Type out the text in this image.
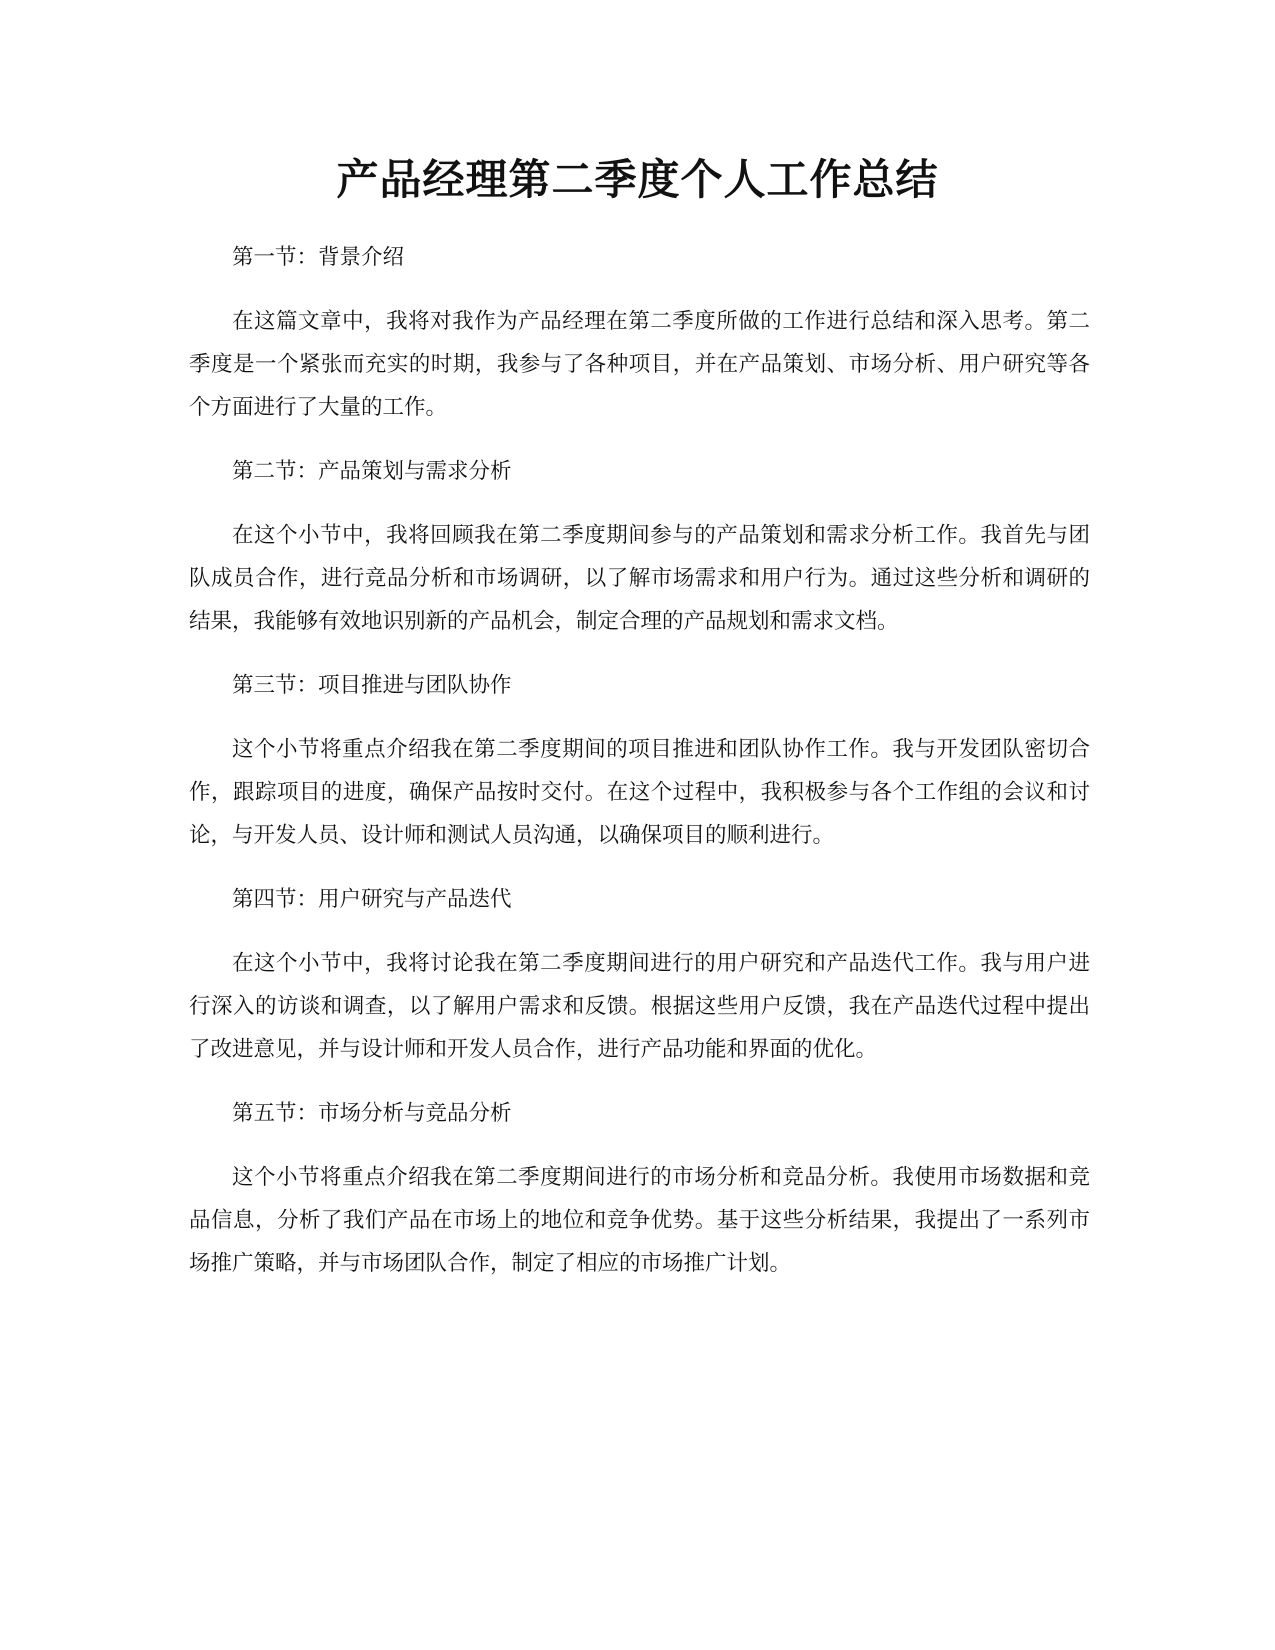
产品经理第二季度个人工作总结

第一节：背景介绍

在这篇文章中，我将对我作为产品经理在第二季度所做的工作进行总结和深入思考。第二季度是一个紧张而充实的时期，我参与了各种项目，并在产品策划、市场分析、用户研究等各个方面进行了大量的工作。

第二节：产品策划与需求分析

在这个小节中，我将回顾我在第二季度期间参与的产品策划和需求分析工作。我首先与团队成员合作，进行竞品分析和市场调研，以了解市场需求和用户行为。通过这些分析和调研的结果，我能够有效地识别新的产品机会，制定合理的产品规划和需求文档。

第三节：项目推进与团队协作

这个小节将重点介绍我在第二季度期间的项目推进和团队协作工作。我与开发团队密切合作，跟踪项目的进度，确保产品按时交付。在这个过程中，我积极参与各个工作组的会议和讨论，与开发人员、设计师和测试人员沟通，以确保项目的顺利进行。

第四节：用户研究与产品迭代

在这个小节中，我将讨论我在第二季度期间进行的用户研究和产品迭代工作。我与用户进行深入的访谈和调查，以了解用户需求和反馈。根据这些用户反馈，我在产品迭代过程中提出了改进意见，并与设计师和开发人员合作，进行产品功能和界面的优化。

第五节：市场分析与竞品分析

这个小节将重点介绍我在第二季度期间进行的市场分析和竞品分析。我使用市场数据和竞品信息，分析了我们产品在市场上的地位和竞争优势。基于这些分析结果，我提出了一系列市场推广策略，并与市场团队合作，制定了相应的市场推广计划。
